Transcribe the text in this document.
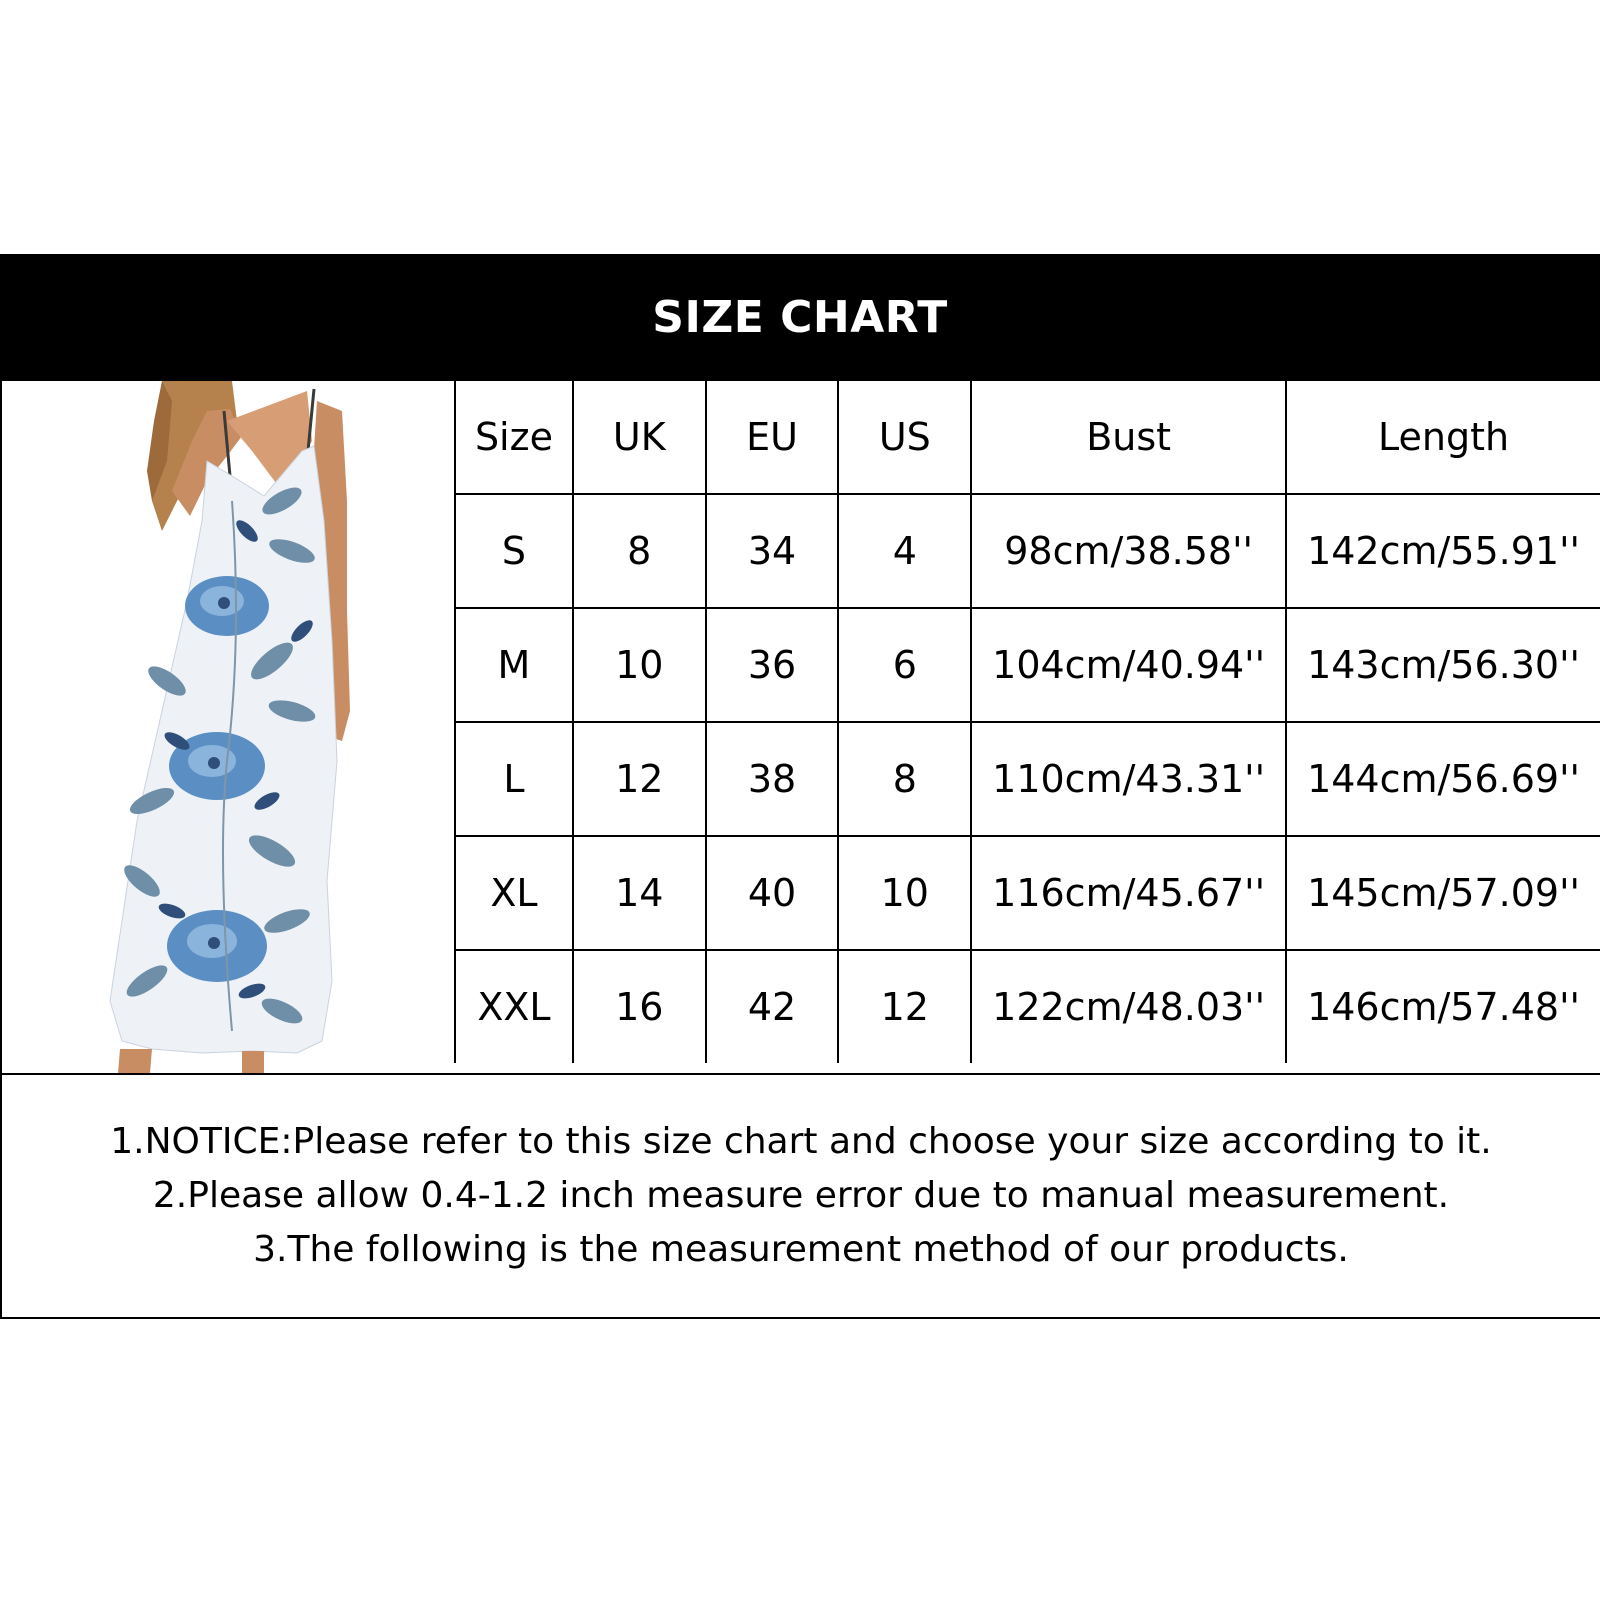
SIZE CHART
Size	UK	EU	US	Bust	Length
S	8	34	4	98cm/38.58''	142cm/55.91''
M	10	36	6	104cm/40.94''	143cm/56.30''
L	12	38	8	110cm/43.31''	144cm/56.69''
XL	14	40	10	116cm/45.67''	145cm/57.09''
XXL	16	42	12	122cm/48.03''	146cm/57.48''
1.NOTICE:Please refer to this size chart and choose your size according to it.
2.Please allow 0.4-1.2 inch measure error due to manual measurement.
3.The following is the measurement method of our products.
